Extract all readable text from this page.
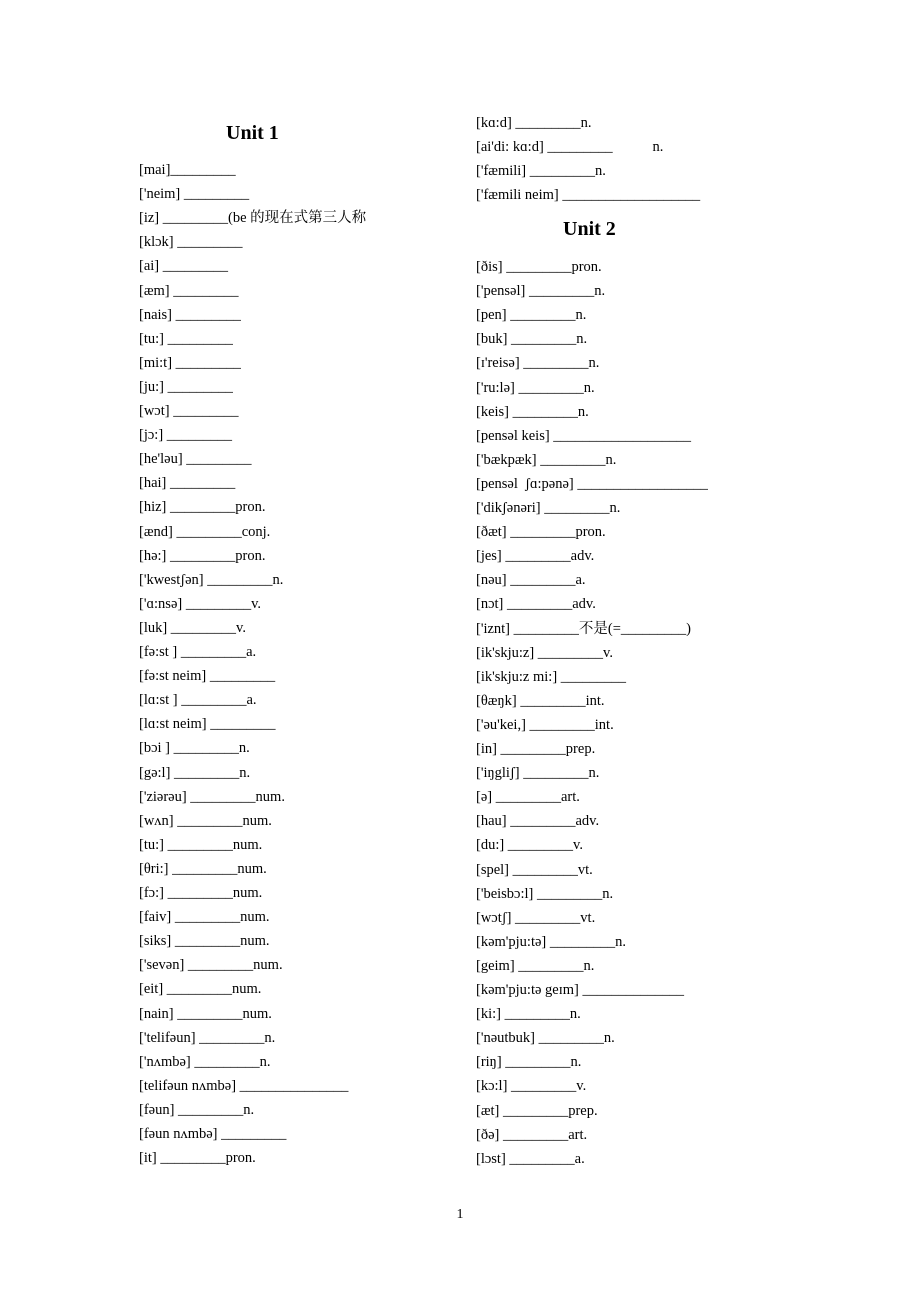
Unit 1
[mai]_________
['neim] _________
[iz] _________(be 的现在式第三人称
[klɔk] _________
[ai] _________
[æm] _________
[nais] _________
[tu:] _________
[mi:t] _________
[ju:] _________
[wɔt] _________
[jɔ:] _________
[he'ləu] _________
[hai] _________
[hiz] _________pron.
[ænd] _________conj.
[hə:] _________pron.
['kwestʃən] _________n.
['ɑ:nsə] _________v.
[luk] _________v.
[fə:st ] _________a.
[fə:st neim] _________
[lɑ:st ] _________a.
[lɑ:st neim] _________
[bɔi ] _________n.
[gə:l] _________n.
['ziərəu] _________num.
[wʌn] _________num.
[tu:] _________num.
[θri:] _________num.
[fɔ:] _________num.
[faiv] _________num.
[siks] _________num.
['sevən] _________num.
[eit] _________num.
[nain] _________num.
['telifəun] _________n.
['nʌmbə] _________n.
[telifəun nʌmbə] _______________
[fəun] _________n.
[fəun nʌmbə] _________
[it] _________pron.
[kɑ:d] _________n.
[ai'di: kɑ:d] _________           n.
['fæmili] _________n.
['fæmili neim] ___________________
Unit 2
[ðis] _________pron.
['pensəl] _________n.
[pen] _________n.
[buk] _________n.
[ɪ'reisə] _________n.
['ru:lə] _________n.
[keis] _________n.
[pensəl keis] ___________________
['bækpæk] _________n.
[pensəl  ʃɑ:pənə] __________________
['dikʃənəri] _________n.
[ðæt] _________pron.
[jes] _________adv.
[nəu] _________a.
[nɔt] _________adv.
['iznt] _________不是(=_________)
[ik'skju:z] _________v.
[ik'skju:z mi:] _________
[θæŋk] _________int.
['əu'kei,] _________int.
[in] _________prep.
['iŋgliʃ] _________n.
[ə] _________art.
[hau] _________adv.
[du:] _________v.
[spel] _________vt.
['beisbɔ:l] _________n.
[wɔtʃ] _________vt.
[kəm'pju:tə] _________n.
[geim] _________n.
[kəm'pju:tə geɪm] ______________
[ki:] _________n.
['nəutbuk] _________n.
[riŋ] _________n.
[kɔ:l] _________v.
[æt] _________prep.
[ðə] _________art.
[lɔst] _________a.
1
